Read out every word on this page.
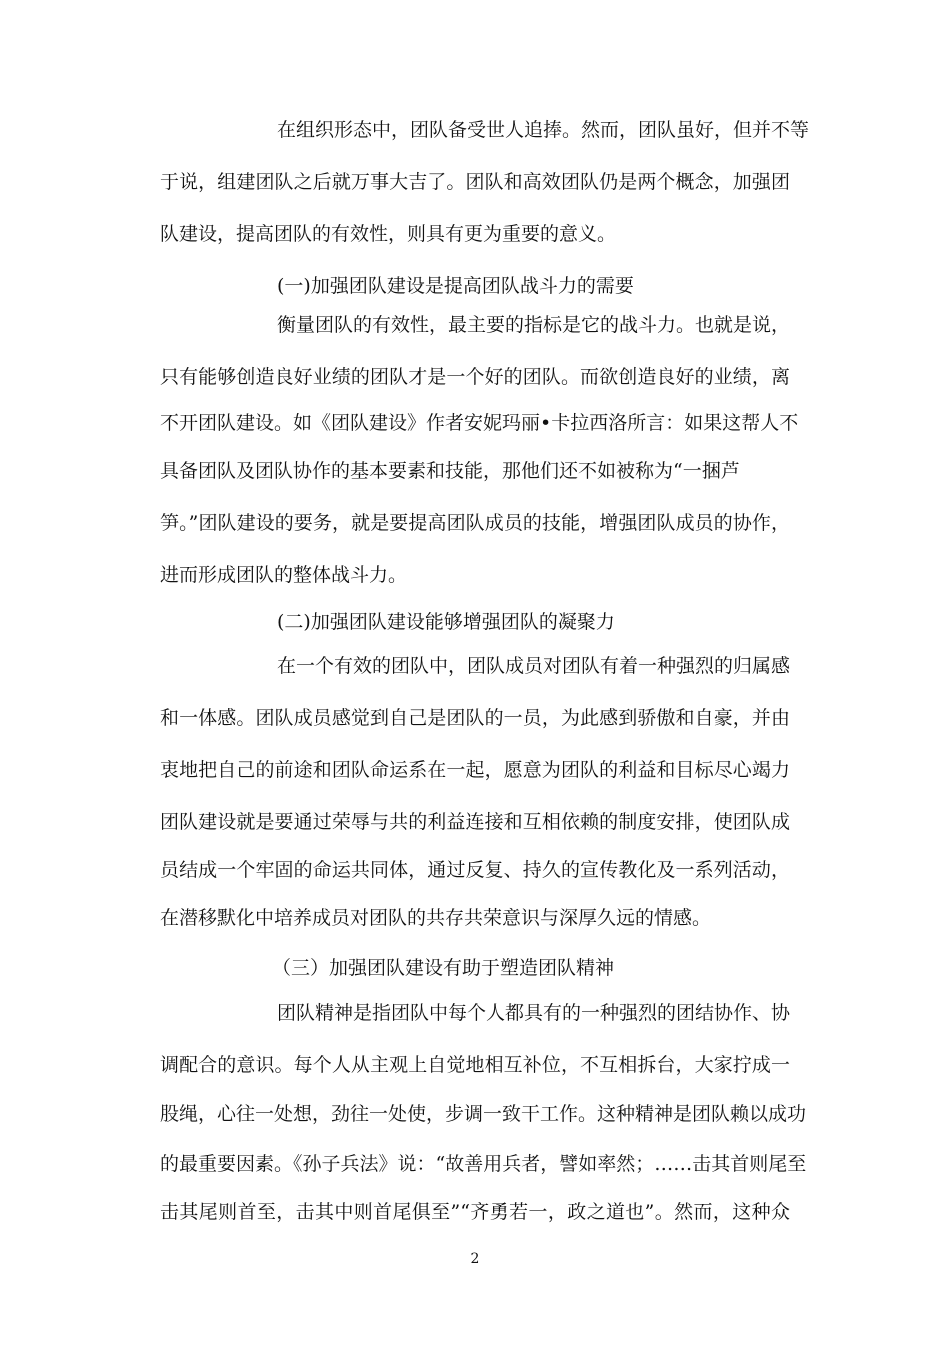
在组织形态中，团队备受世人追捧。然而，团队虽好，但并不等
于说，组建团队之后就万事大吉了。团队和高效团队仍是两个概念，加强团
队建设，提高团队的有效性，则具有更为重要的意义。
(一)加强团队建设是提高团队战斗力的需要
衡量团队的有效性，最主要的指标是它的战斗力。也就是说，
只有能够创造良好业绩的团队才是一个好的团队。而欲创造良好的业绩，离
不开团队建设。如《团队建设》作者安妮玛丽•卡拉西洛所言：如果这帮人不
具备团队及团队协作的基本要素和技能，那他们还不如被称为“一捆芦
笋。”团队建设的要务，就是要提高团队成员的技能，增强团队成员的协作，
进而形成团队的整体战斗力。
(二)加强团队建设能够增强团队的凝聚力
在一个有效的团队中，团队成员对团队有着一种强烈的归属感
和一体感。团队成员感觉到自己是团队的一员，为此感到骄傲和自豪，并由
衷地把自己的前途和团队命运系在一起，愿意为团队的利益和目标尽心竭力
团队建设就是要通过荣辱与共的利益连接和互相依赖的制度安排，使团队成
员结成一个牢固的命运共同体，通过反复、持久的宣传教化及一系列活动，
在潜移默化中培养成员对团队的共存共荣意识与深厚久远的情感。
（三）加强团队建设有助于塑造团队精神
团队精神是指团队中每个人都具有的一种强烈的团结协作、协
调配合的意识。每个人从主观上自觉地相互补位，不互相拆台，大家拧成一
股绳，心往一处想，劲往一处使，步调一致干工作。这种精神是团队赖以成功
的最重要因素。《孙子兵法》说：“故善用兵者，譬如率然；……击其首则尾至
击其尾则首至，击其中则首尾俱至”“齐勇若一，政之道也”。然而，这种众
2
